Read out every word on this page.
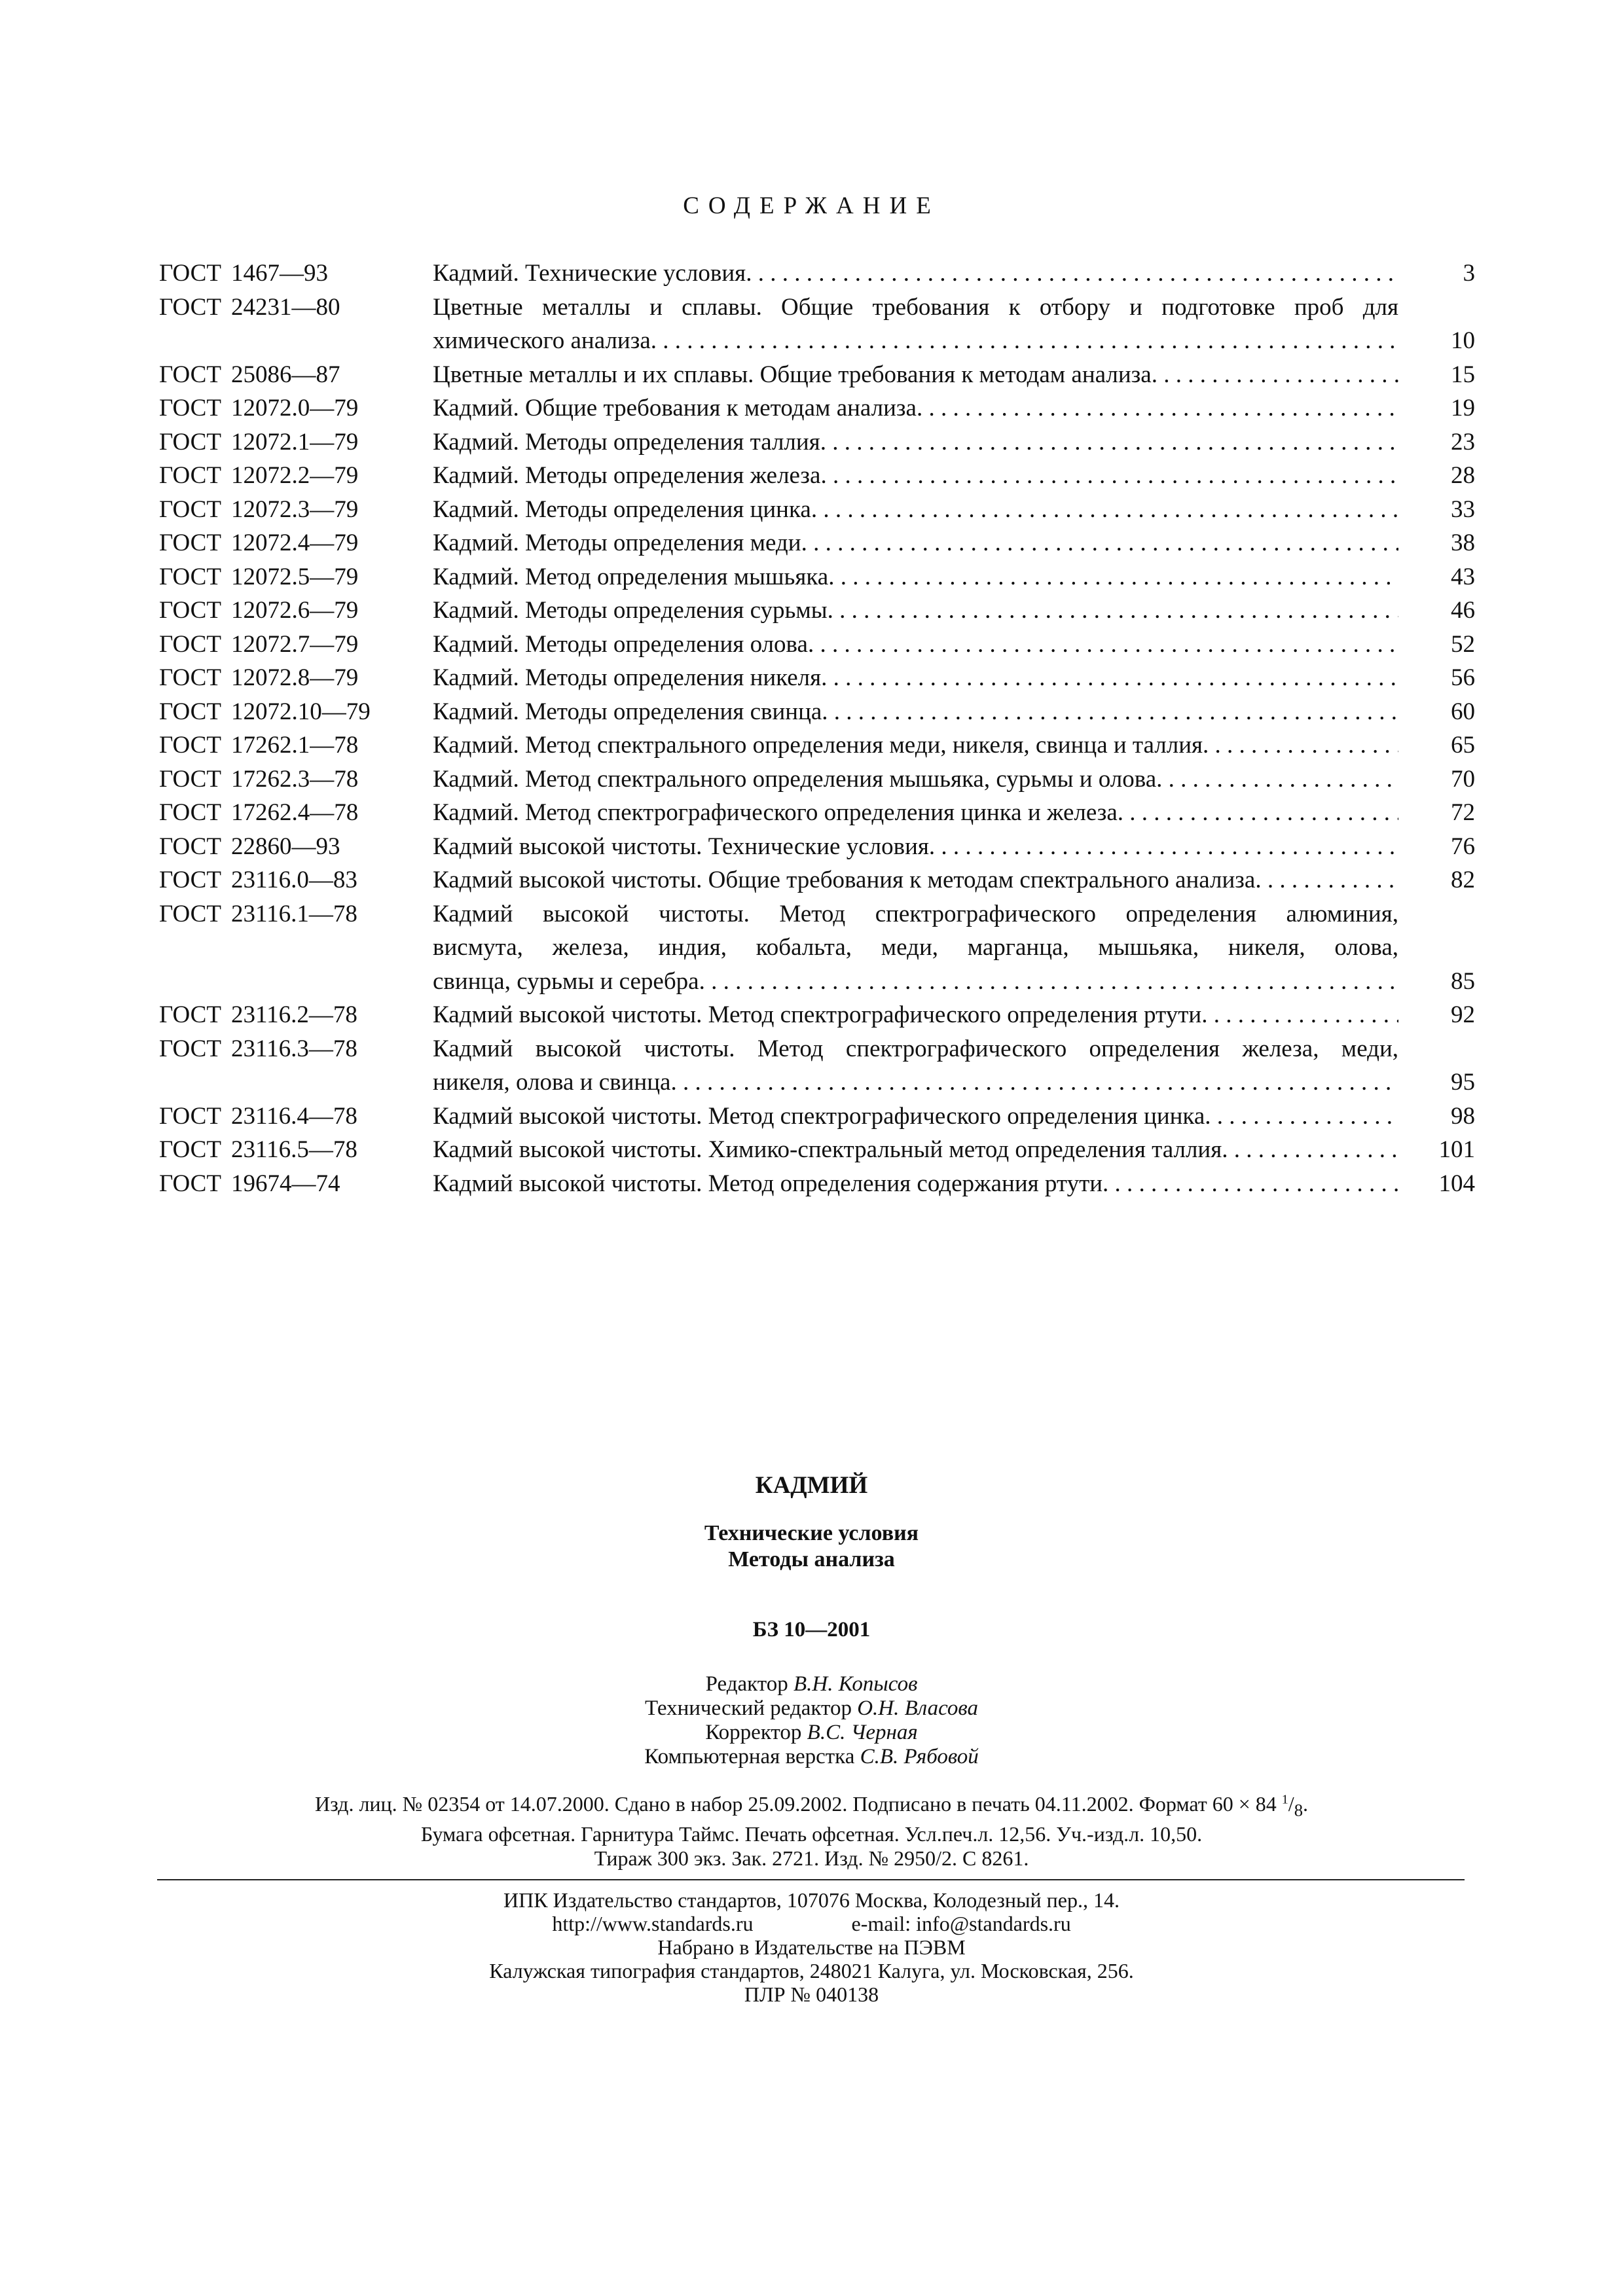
СОДЕРЖАНИЕ
ГОСТ 1467—93	Кадмий. Технические условия . . .	3
ГОСТ 24231—80	Цветные металлы и сплавы. Общие требования к отбору и подготовке проб для
химического анализа . . .	10
ГОСТ 25086—87	Цветные металлы и их сплавы. Общие требования к методам анализа . . .	15
ГОСТ 12072.0—79	Кадмий. Общие требования к методам анализа . . .	19
ГОСТ 12072.1—79	Кадмий. Методы определения таллия . . .	23
ГОСТ 12072.2—79	Кадмий. Методы определения железа . . .	28
ГОСТ 12072.3—79	Кадмий. Методы определения цинка . . .	33
ГОСТ 12072.4—79	Кадмий. Методы определения меди . . .	38
ГОСТ 12072.5—79	Кадмий. Метод определения мышьяка . . .	43
ГОСТ 12072.6—79	Кадмий. Методы определения сурьмы . . .	46
ГОСТ 12072.7—79	Кадмий. Методы определения олова . . .	52
ГОСТ 12072.8—79	Кадмий. Методы определения никеля . . .	56
ГОСТ 12072.10—79	Кадмий. Методы определения свинца . . .	60
ГОСТ 17262.1—78	Кадмий. Метод спектрального определения меди, никеля, свинца и таллия . . .	65
ГОСТ 17262.3—78	Кадмий. Метод спектрального определения мышьяка, сурьмы и олова . . .	70
ГОСТ 17262.4—78	Кадмий. Метод спектрографического определения цинка и железа . . .	72
ГОСТ 22860—93	Кадмий высокой чистоты. Технические условия . . .	76
ГОСТ 23116.0—83	Кадмий высокой чистоты. Общие требования к методам спектрального анализа . . .	82
ГОСТ 23116.1—78	Кадмий высокой чистоты. Метод спектрографического определения алюминия,
висмута, железа, индия, кобальта, меди, марганца, мышьяка, никеля, олова,
свинца, сурьмы и серебра . . .	85
ГОСТ 23116.2—78	Кадмий высокой чистоты. Метод спектрографического определения ртути . . .	92
ГОСТ 23116.3—78	Кадмий высокой чистоты. Метод спектрографического определения железа, меди,
никеля, олова и свинца . . .	95
ГОСТ 23116.4—78	Кадмий высокой чистоты. Метод спектрографического определения цинка . . .	98
ГОСТ 23116.5—78	Кадмий высокой чистоты. Химико-спектральный метод определения таллия . . .	101
ГОСТ 19674—74	Кадмий высокой чистоты. Метод определения содержания ртути . . .	104
КАДМИЙ
Технические условия
Методы анализа
БЗ 10—2001
Редактор В.Н. Копысов
Технический редактор О.Н. Власова
Корректор В.С. Черная
Компьютерная верстка С.В. Рябовой
Изд. лиц. № 02354 от 14.07.2000. Сдано в набор 25.09.2002. Подписано в печать 04.11.2002. Формат 60 × 84 $^1/_8$.
Бумага офсетная. Гарнитура Таймс. Печать офсетная. Усл.печ.л. 12,56. Уч.-изд.л. 10,50.
Тираж 300 экз. Зак. 2721. Изд. № 2950/2. С 8261.
ИПК Издательство стандартов, 107076 Москва, Колодезный пер., 14.
http://www.standards.ru	e-mail: info@standards.ru
Набрано в Издательстве на ПЭВМ
Калужская типография стандартов, 248021 Калуга, ул. Московская, 256.
ПЛР № 040138
